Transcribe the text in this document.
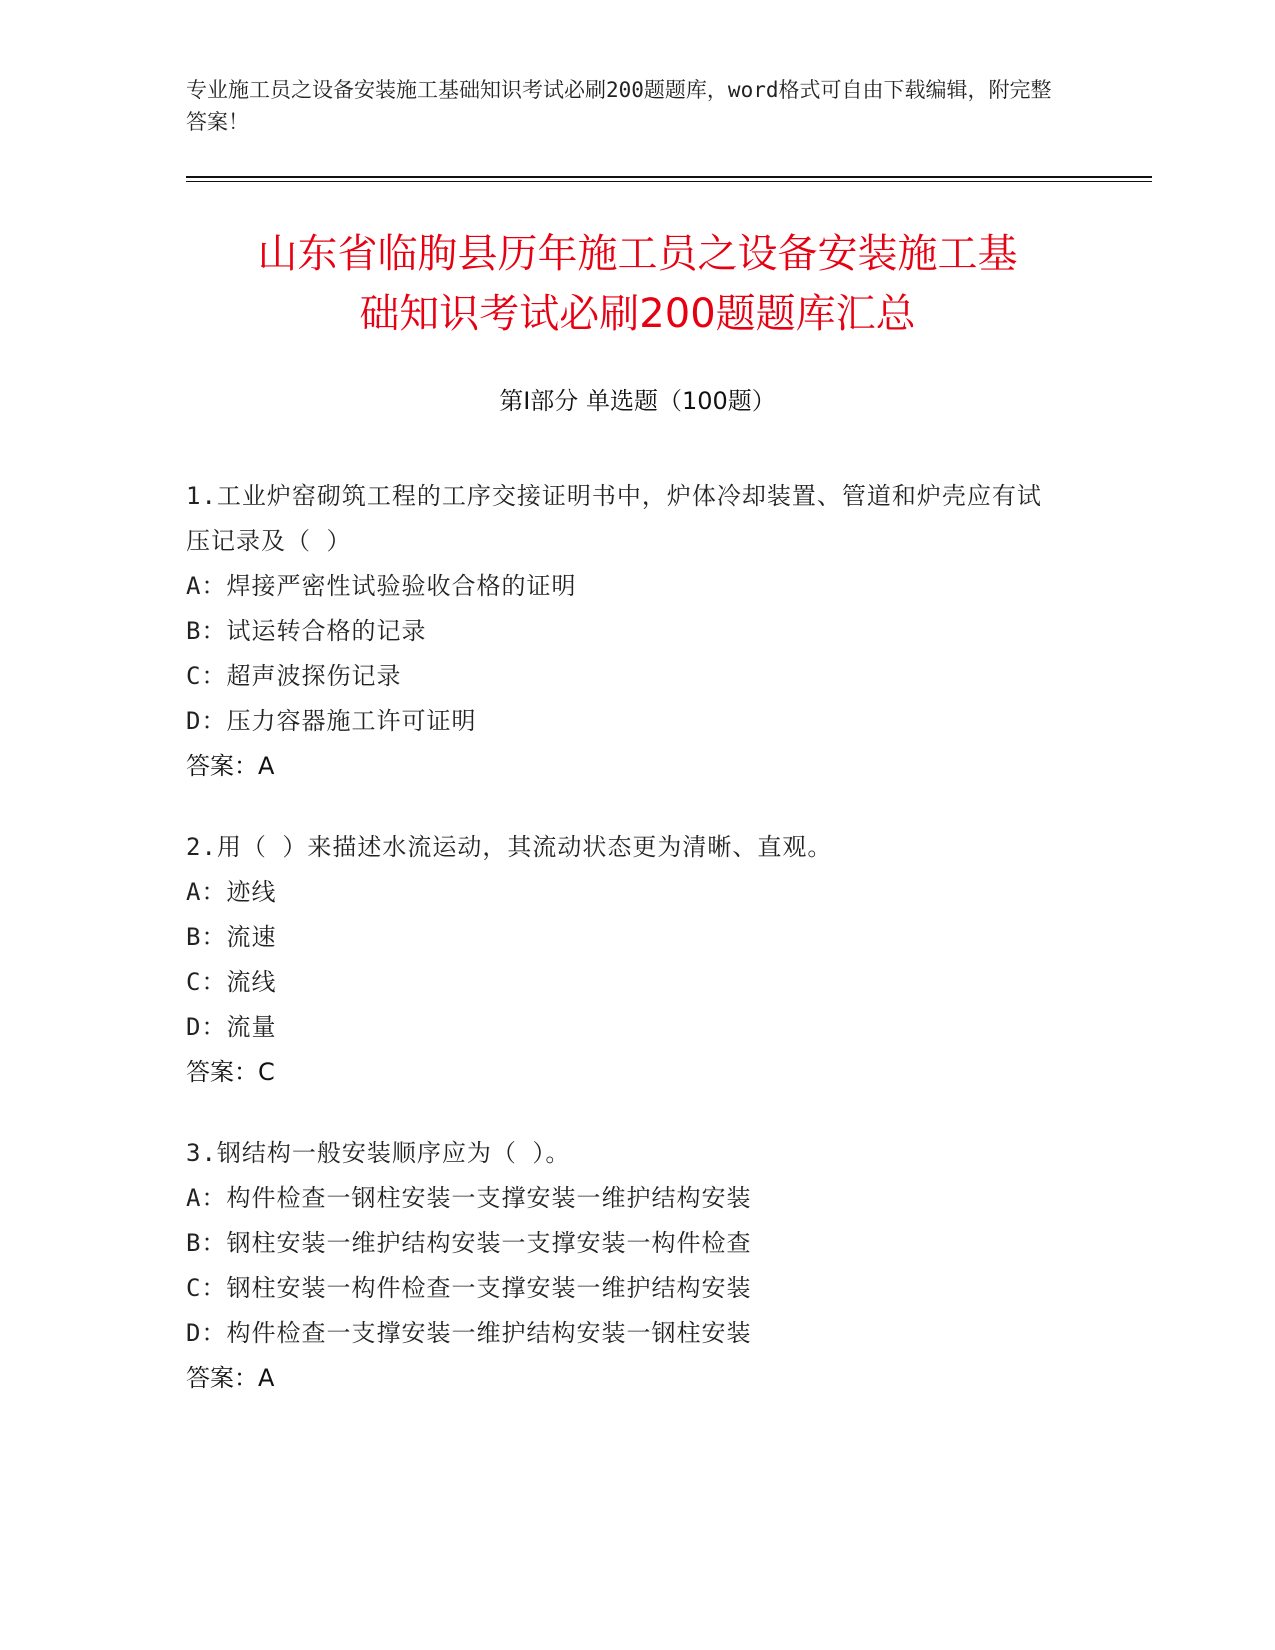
专业施工员之设备安装施工基础知识考试必刷200题题库，word格式可自由下载编辑，附完整答案！
山东省临朐县历年施工员之设备安装施工基
础知识考试必刷200题题库汇总
第Ⅰ部分 单选题（100题）
1.工业炉窑砌筑工程的工序交接证明书中，炉体冷却装置、管道和炉壳应有试压记录及（ ）
A：焊接严密性试验验收合格的证明
B：试运转合格的记录
C：超声波探伤记录
D：压力容器施工许可证明
答案：A
2.用（ ）来描述水流运动，其流动状态更为清晰、直观。
A：迹线
B：流速
C：流线
D：流量
答案：C
3.钢结构一般安装顺序应为（ ）。
A：构件检查一钢柱安装一支撑安装一维护结构安装
B：钢柱安装一维护结构安装一支撑安装一构件检查
C：钢柱安装一构件检查一支撑安装一维护结构安装
D：构件检查一支撑安装一维护结构安装一钢柱安装
答案：A
